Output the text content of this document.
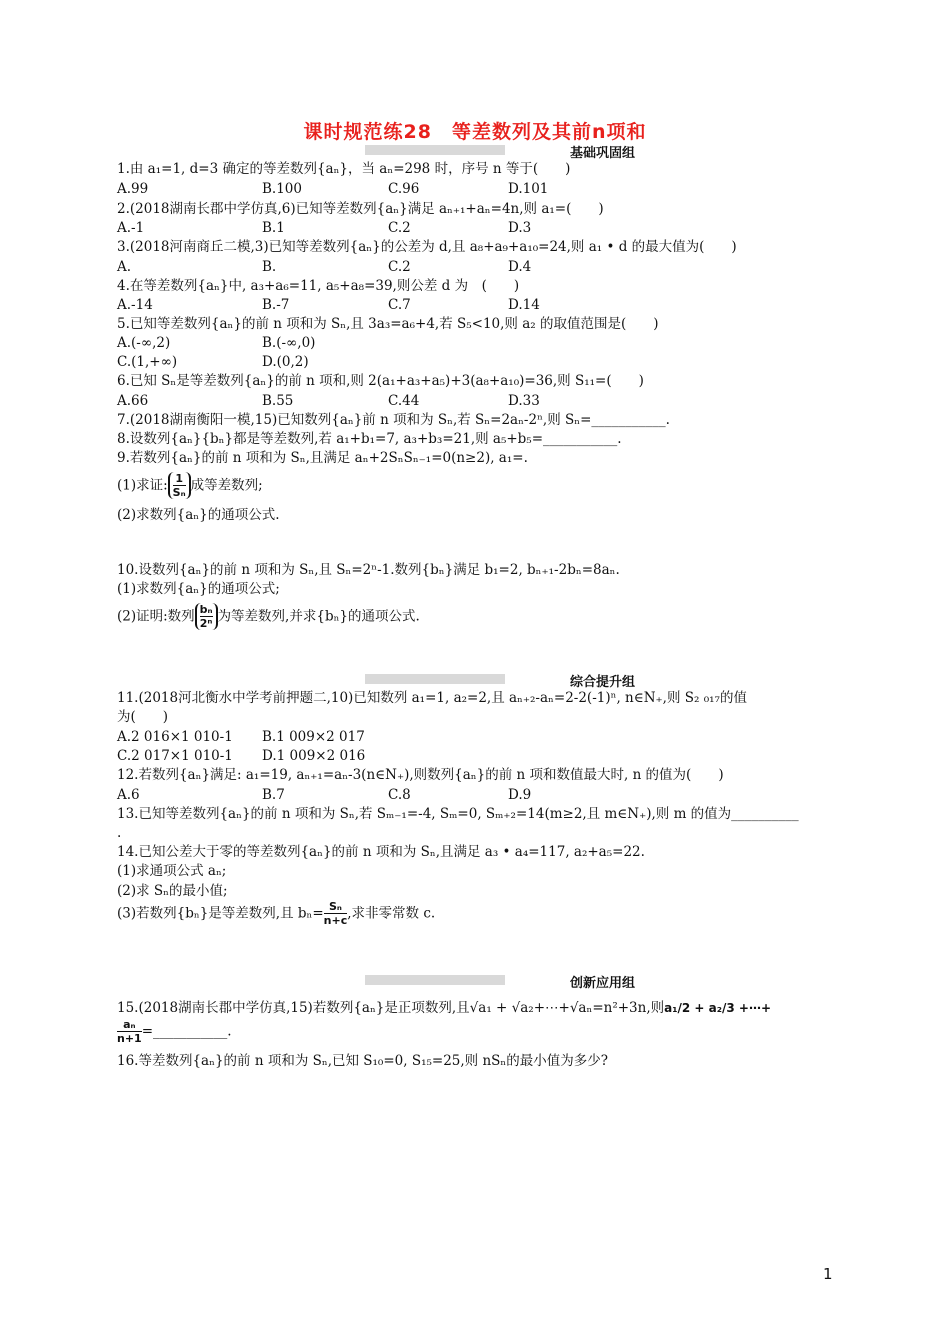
课时规范练28　等差数列及其前n项和
基础巩固组
1.由 a₁=1, d=3 确定的等差数列{aₙ}，当 aₙ=298 时，序号 n 等于(　　)
A.99	B.100	C.96	D.101
2.(2018湖南长郡中学仿真,6)已知等差数列{aₙ}满足 aₙ₊₁+aₙ=4n,则 a₁=(　　)
A.-1	B.1	C.2	D.3
3.(2018河南商丘二模,3)已知等差数列{aₙ}的公差为 d,且 a₈+a₉+a₁₀=24,则 a₁ • d 的最大值为(　　)
A.	B.	C.2	D.4
4.在等差数列{aₙ}中, a₃+a₆=11, a₅+a₈=39,则公差 d 为　(　　)
A.-14	B.-7	C.7	D.14
5.已知等差数列{aₙ}的前 n 项和为 Sₙ,且 3a₃=a₆+4,若 S₅<10,则 a₂ 的取值范围是(　　)
A.(-∞,2)	B.(-∞,0)
C.(1,+∞)	D.(0,2)
6.已知 Sₙ是等差数列{aₙ}的前 n 项和,则 2(a₁+a₃+a₅)+3(a₈+a₁₀)=36,则 S₁₁=(　　)
A.66	B.55	C.44	D.33
7.(2018湖南衡阳一模,15)已知数列{aₙ}前 n 项和为 Sₙ,若 Sₙ=2aₙ-2ⁿ,则 Sₙ=___________.
8.设数列{aₙ}{bₙ}都是等差数列,若 a₁+b₁=7, a₃+b₃=21,则 a₅+b₅=___________.
9.若数列{aₙ}的前 n 项和为 Sₙ,且满足 aₙ+2SₙSₙ₋₁=0(n≥2), a₁=.
(1)求证: $\frac{1}{\text{Sₙ}}$ 成等差数列;
(2)求数列{aₙ}的通项公式.
10.设数列{aₙ}的前 n 项和为 Sₙ,且 Sₙ=2ⁿ-1.数列{bₙ}满足 b₁=2, bₙ₊₁-2bₙ=8aₙ.
(1)求数列{aₙ}的通项公式;
(2)证明:数列 $\frac{\text{bₙ}}{\text{2ⁿ}}$ 为等差数列,并求{bₙ}的通项公式.
综合提升组
11.(2018河北衡水中学考前押题二,10)已知数列 a₁=1, a₂=2,且 aₙ₊₂-aₙ=2-2(-1)ⁿ, n∈N₊,则 S₂ ₀₁₇的值
为(　　)
A.2 016×1 010-1 B.1 009×2 017
C.2 017×1 010-1 D.1 009×2 016
12.若数列{aₙ}满足: a₁=19, aₙ₊₁=aₙ-3(n∈N₊),则数列{aₙ}的前 n 项和数值最大时, n 的值为(　　)
A.6	B.7	C.8	D.9
13.已知等差数列{aₙ}的前 n 项和为 Sₙ,若 Sₘ₋₁=-4, Sₘ=0, Sₘ₊₂=14(m≥2,且 m∈N₊),则 m 的值为__________
.
14.已知公差大于零的等差数列{aₙ}的前 n 项和为 Sₙ,且满足 a₃ • a₄=117, a₂+a₅=22.
(1)求通项公式 aₙ;
(2)求 Sₙ的最小值;
(3)若数列{bₙ}是等差数列,且 $b_n= \frac{\text{Sₙ}}{n+c}$ ,求非零常数 c.
创新应用组
15.(2018湖南长郡中学仿真,15)若数列{aₙ}是正项数列,且√a₁ + √a₂+⋯+√aₙ=n²+3n,则a₁/2 + a₂/3 +⋯+
$\frac{\text{aₙ}}{n+1}$ =___________.
16.等差数列{aₙ}的前 n 项和为 Sₙ,已知 S₁₀=0, S₁₅=25,则 nSₙ的最小值为多少?
1
